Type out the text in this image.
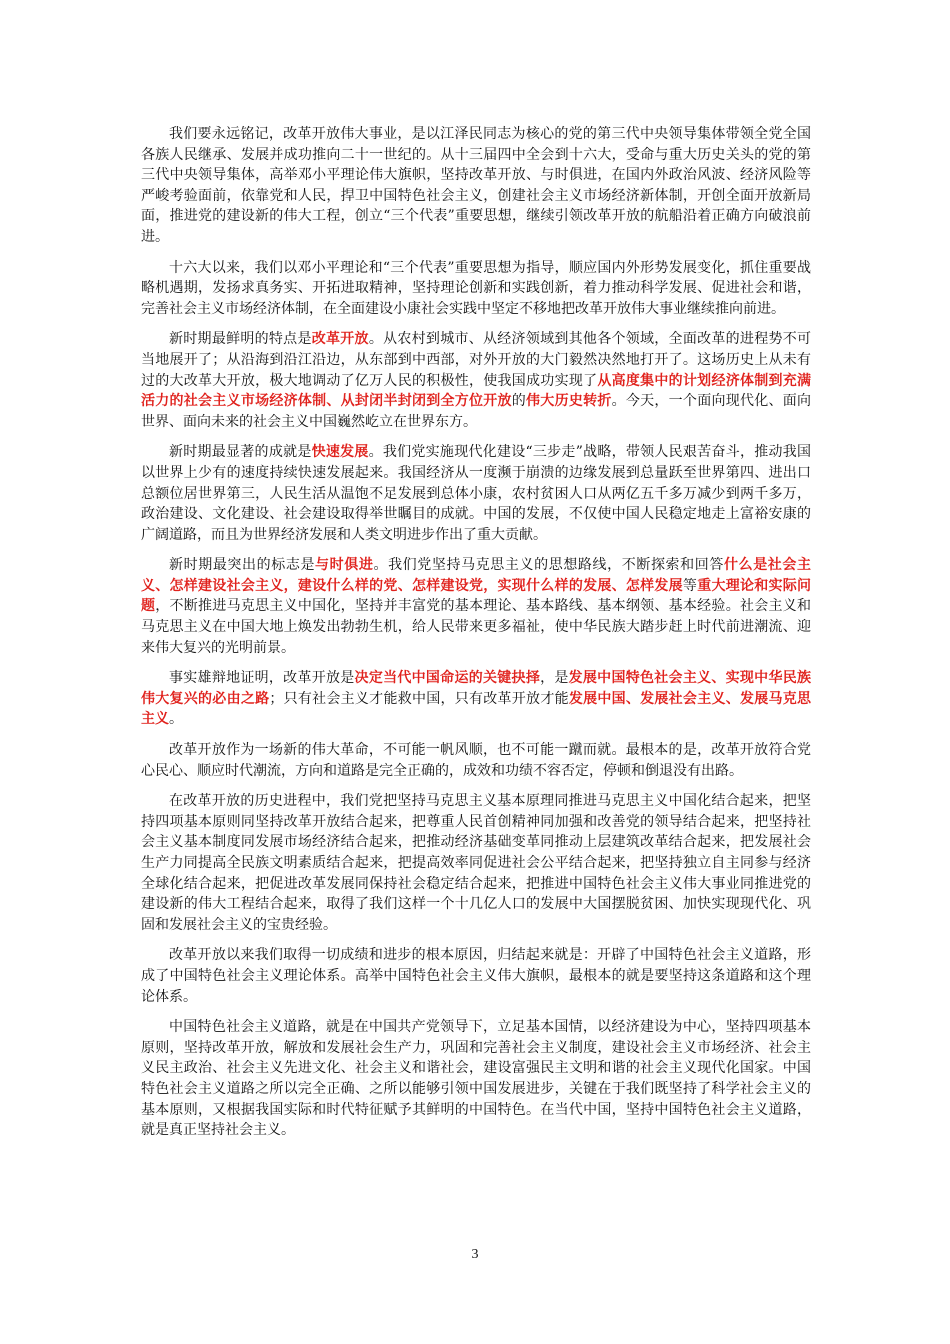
我们要永远铭记，改革开放伟大事业，是以江泽民同志为核心的党的第三代中央领导集体带领全党全国各族人民继承、发展并成功推向二十一世纪的。从十三届四中全会到十六大，受命与重大历史关头的党的第三代中央领导集体，高举邓小平理论伟大旗帜，坚持改革开放、与时俱进，在国内外政治风波、经济风险等严峻考验面前，依靠党和人民，捍卫中国特色社会主义，创建社会主义市场经济新体制，开创全面开放新局面，推进党的建设新的伟大工程，创立“三个代表”重要思想，继续引领改革开放的航船沿着正确方向破浪前进。

十六大以来，我们以邓小平理论和“三个代表”重要思想为指导，顺应国内外形势发展变化，抓住重要战略机遇期，发扬求真务实、开拓进取精神，坚持理论创新和实践创新，着力推动科学发展、促进社会和谐，完善社会主义市场经济体制，在全面建设小康社会实践中坚定不移地把改革开放伟大事业继续推向前进。

新时期最鲜明的特点是改革开放。从农村到城市、从经济领域到其他各个领域，全面改革的进程势不可当地展开了；从沿海到沿江沿边，从东部到中西部，对外开放的大门毅然决然地打开了。这场历史上从未有过的大改革大开放，极大地调动了亿万人民的积极性，使我国成功实现了从高度集中的计划经济体制到充满活力的社会主义市场经济体制、从封闭半封闭到全方位开放的伟大历史转折。今天，一个面向现代化、面向世界、面向未来的社会主义中国巍然屹立在世界东方。

新时期最显著的成就是快速发展。我们党实施现代化建设“三步走”战略，带领人民艰苦奋斗，推动我国以世界上少有的速度持续快速发展起来。我国经济从一度濒于崩溃的边缘发展到总量跃至世界第四、进出口总额位居世界第三，人民生活从温饱不足发展到总体小康，农村贫困人口从两亿五千多万减少到两千多万，政治建设、文化建设、社会建设取得举世瞩目的成就。中国的发展，不仅使中国人民稳定地走上富裕安康的广阔道路，而且为世界经济发展和人类文明进步作出了重大贡献。

新时期最突出的标志是与时俱进。我们党坚持马克思主义的思想路线，不断探索和回答什么是社会主义、怎样建设社会主义，建设什么样的党、怎样建设党，实现什么样的发展、怎样发展等重大理论和实际问题，不断推进马克思主义中国化，坚持并丰富党的基本理论、基本路线、基本纲领、基本经验。社会主义和马克思主义在中国大地上焕发出勃勃生机，给人民带来更多福祉，使中华民族大踏步赶上时代前进潮流、迎来伟大复兴的光明前景。

事实雄辩地证明，改革开放是决定当代中国命运的关键抉择，是发展中国特色社会主义、实现中华民族伟大复兴的必由之路；只有社会主义才能救中国，只有改革开放才能发展中国、发展社会主义、发展马克思主义。

改革开放作为一场新的伟大革命，不可能一帆风顺，也不可能一蹴而就。最根本的是，改革开放符合党心民心、顺应时代潮流，方向和道路是完全正确的，成效和功绩不容否定，停顿和倒退没有出路。

在改革开放的历史进程中，我们党把坚持马克思主义基本原理同推进马克思主义中国化结合起来，把坚持四项基本原则同坚持改革开放结合起来，把尊重人民首创精神同加强和改善党的领导结合起来，把坚持社会主义基本制度同发展市场经济结合起来，把推动经济基础变革同推动上层建筑改革结合起来，把发展社会生产力同提高全民族文明素质结合起来，把提高效率同促进社会公平结合起来，把坚持独立自主同参与经济全球化结合起来，把促进改革发展同保持社会稳定结合起来，把推进中国特色社会主义伟大事业同推进党的建设新的伟大工程结合起来，取得了我们这样一个十几亿人口的发展中大国摆脱贫困、加快实现现代化、巩固和发展社会主义的宝贵经验。

改革开放以来我们取得一切成绩和进步的根本原因，归结起来就是：开辟了中国特色社会主义道路，形成了中国特色社会主义理论体系。高举中国特色社会主义伟大旗帜，最根本的就是要坚持这条道路和这个理论体系。

中国特色社会主义道路，就是在中国共产党领导下，立足基本国情，以经济建设为中心，坚持四项基本原则，坚持改革开放，解放和发展社会生产力，巩固和完善社会主义制度，建设社会主义市场经济、社会主义民主政治、社会主义先进文化、社会主义和谐社会，建设富强民主文明和谐的社会主义现代化国家。中国特色社会主义道路之所以完全正确、之所以能够引领中国发展进步，关键在于我们既坚持了科学社会主义的基本原则，又根据我国实际和时代特征赋予其鲜明的中国特色。在当代中国，坚持中国特色社会主义道路，就是真正坚持社会主义。

3
